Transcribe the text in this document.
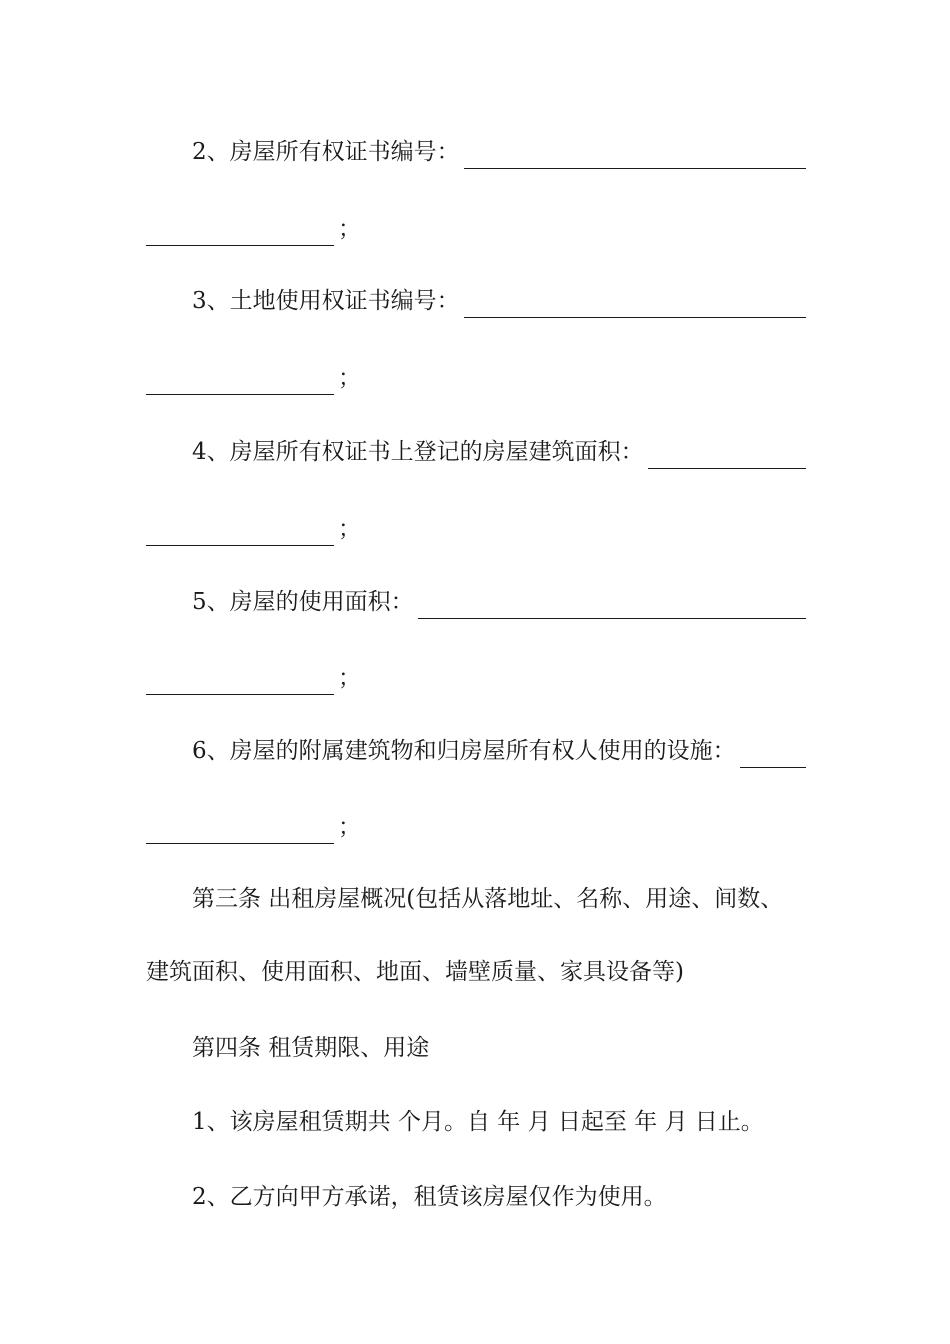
2、房屋所有权证书编号：
；
3、土地使用权证书编号：
；
4、房屋所有权证书上登记的房屋建筑面积：
；
5、房屋的使用面积：
；
6、房屋的附属建筑物和归房屋所有权人使用的设施：
；
第三条 出租房屋概况(包括从落地址、名称、用途、间数、
建筑面积、使用面积、地面、墙壁质量、家具设备等)
第四条 租赁期限、用途
1、该房屋租赁期共 个月。自 年 月 日起至 年 月 日止。
2、乙方向甲方承诺，租赁该房屋仅作为使用。
